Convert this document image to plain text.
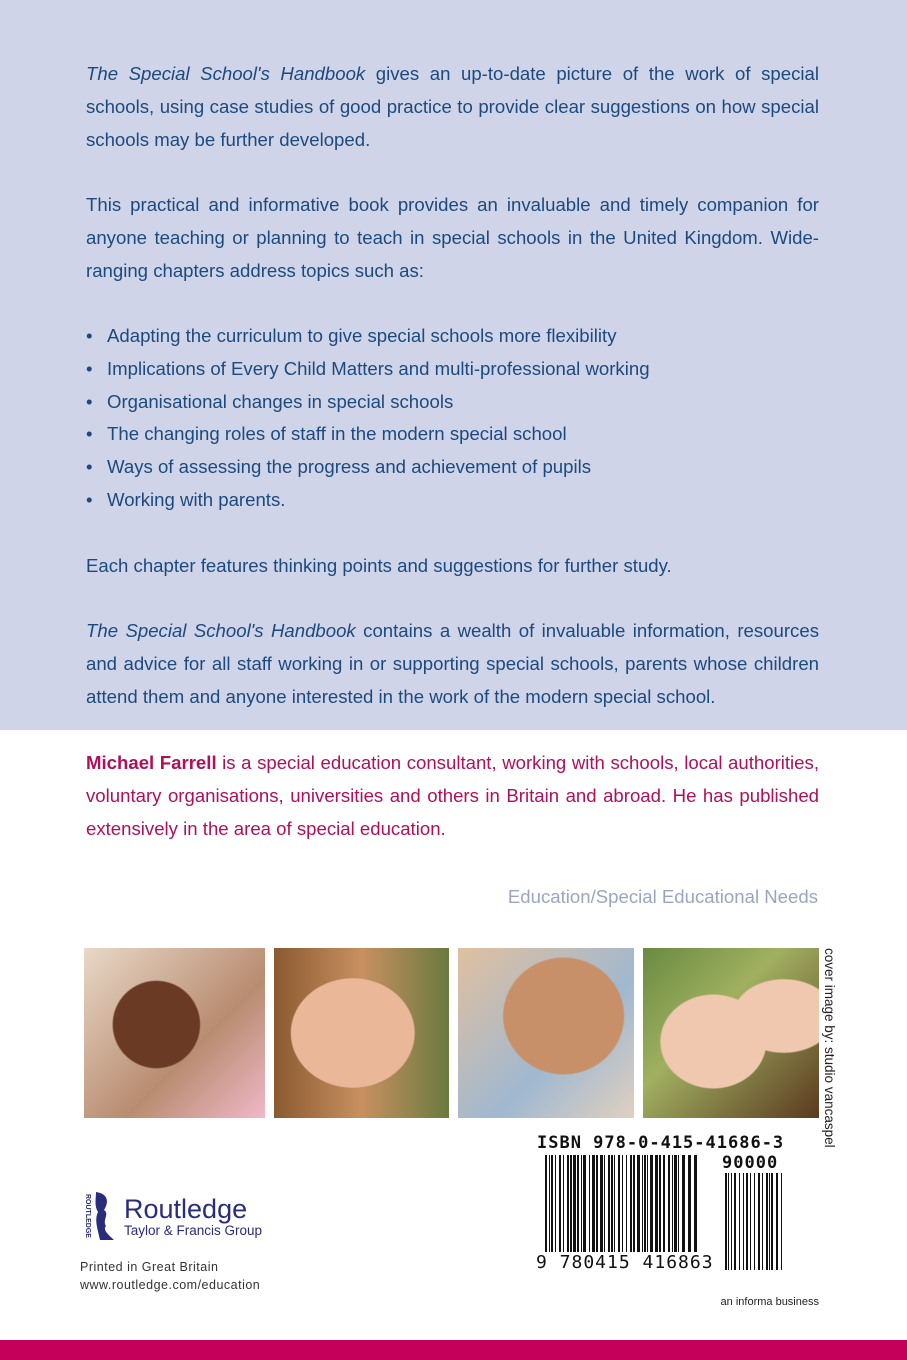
The Special School's Handbook gives an up-to-date picture of the work of special schools, using case studies of good practice to provide clear suggestions on how special schools may be further developed.
This practical and informative book provides an invaluable and timely companion for anyone teaching or planning to teach in special schools in the United Kingdom. Wide-ranging chapters address topics such as:
• Adapting the curriculum to give special schools more flexibility
• Implications of Every Child Matters and multi-professional working
• Organisational changes in special schools
• The changing roles of staff in the modern special school
• Ways of assessing the progress and achievement of pupils
• Working with parents.
Each chapter features thinking points and suggestions for further study.
The Special School's Handbook contains a wealth of invaluable information, resources and advice for all staff working in or supporting special schools, parents whose children attend them and anyone interested in the work of the modern special school.
Michael Farrell is a special education consultant, working with schools, local authorities, voluntary organisations, universities and others in Britain and abroad. He has published extensively in the area of special education.
Education/Special Educational Needs
cover image by: studio vancaspel
ISBN 978-0-415-41686-3
90000
9 780415 416863
ROUTLEDGE Routledge
Taylor & Francis Group
Printed in Great Britain
www.routledge.com/education
an informa business
